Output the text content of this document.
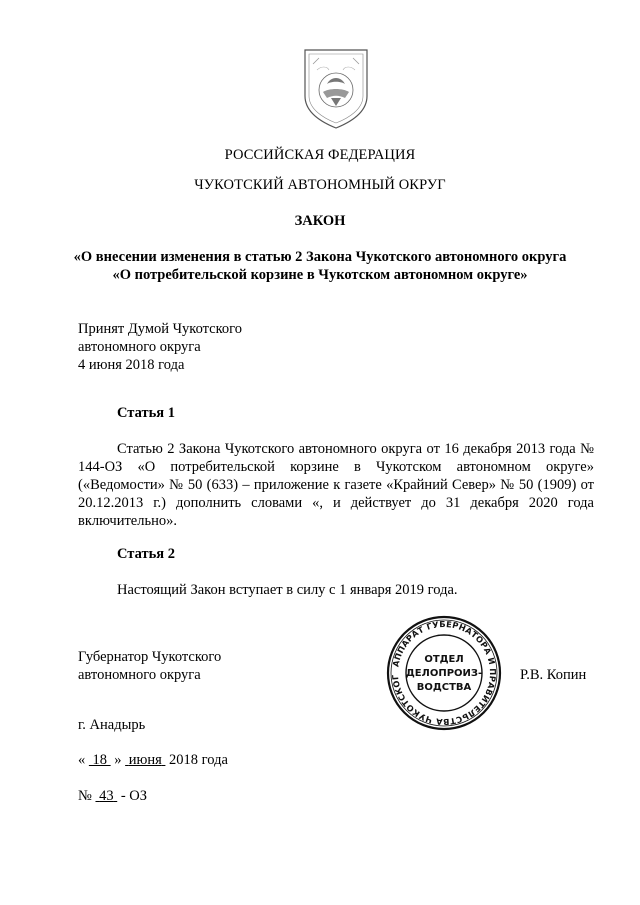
РОССИЙСКАЯ ФЕДЕРАЦИЯ
ЧУКОТСКИЙ АВТОНОМНЫЙ ОКРУГ
ЗАКОН
«О внесении изменения в статью 2 Закона Чукотского автономного округа
«О потребительской корзине в Чукотском автономном округе»
Принят Думой Чукотского
автономного округа
4 июня 2018 года
Статья 1

Статью 2 Закона Чукотского автономного округа от 16 декабря 2013 года № 144-ОЗ «О потребительской корзине в Чукотском автономном округе» («Ведомости» № 50 (633) – приложение к газете «Крайний Север» № 50 (1909) от 20.12.2013 г.) дополнить словами «, и действует до 31 декабря 2020 года включительно».

Статья 2
Настоящий Закон вступает в силу с 1 января 2019 года.
Губернатор Чукотского
автономного округа	Р.В. Копин
АППАРАТ ГУБЕРНАТОРА И ПРАВИТЕЛЬСТВА ЧУКОТСКОГ
ОТДЕЛ
ДЕЛОПРОИЗ-
ВОДСТВА
г. Анадырь
« 18 » июня 2018 года
№ 43 - ОЗ
